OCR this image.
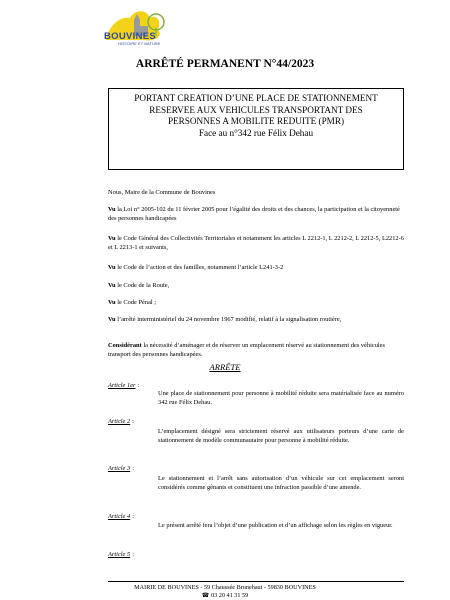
BOUVINES
HISTOIRE ET NATURE
ARRÊTÉ PERMANENT N°44/2023
PORTANT CREATION D’UNE PLACE DE STATIONNEMENT
RESERVEE AUX VEHICULES TRANSPORTANT DES
PERSONNES A MOBILITE REDUITE (PMR)
Face au n°342 rue Félix Dehau
Nous, Maire de la Commune de Bouvines
Vu la Loi n° 2005-102 du 11 février 2005 pour l’égalité des droits et des chances, la participation et la citoyenneté des personnes handicapées
Vu le Code Général des Collectivités Territoriales et notamment les articles L 2212-1, L 2212-2, L 2212-5, L2212-6 et L 2213-1 et suivants,
Vu le Code de l’action et des familles, notamment l’article L241-3-2
Vu le Code de la Route,
Vu le Code Pénal ;
Vu l’arrêté interministériel du 24 novembre 1967 modifié, relatif à la signalisation routière,
Considérant la nécessité d’aménager et de réserver un emplacement réservé au stationnement des véhicules transport des personnes handicapées.
ARRÊTE
Article 1er :
Une place de stationnement pour personne à mobilité réduite sera matérialisée face au numéro 342 rue Félix Dehau.
Article 2 :
L’emplacement désigné sera strictement réservé aux utilisateurs porteurs d’une carte de stationnement de modèle communautaire pour personne à mobilité réduite.
Article 3 :
Le stationnement et l’arrêt sans autorisation d’un véhicule sur cet emplacement seront considérés comme gênants et constituent une infraction passible d’une amende.
Article 4 :
Le présent arrêté fera l’objet d’une publication et d’un affichage selon les règles en vigueur.
Article 5 :
MAIRIE DE BOUVINES - 59 Chaussée Brunehaut - 59830 BOUVINES
☎ 03 20 41 31 59
